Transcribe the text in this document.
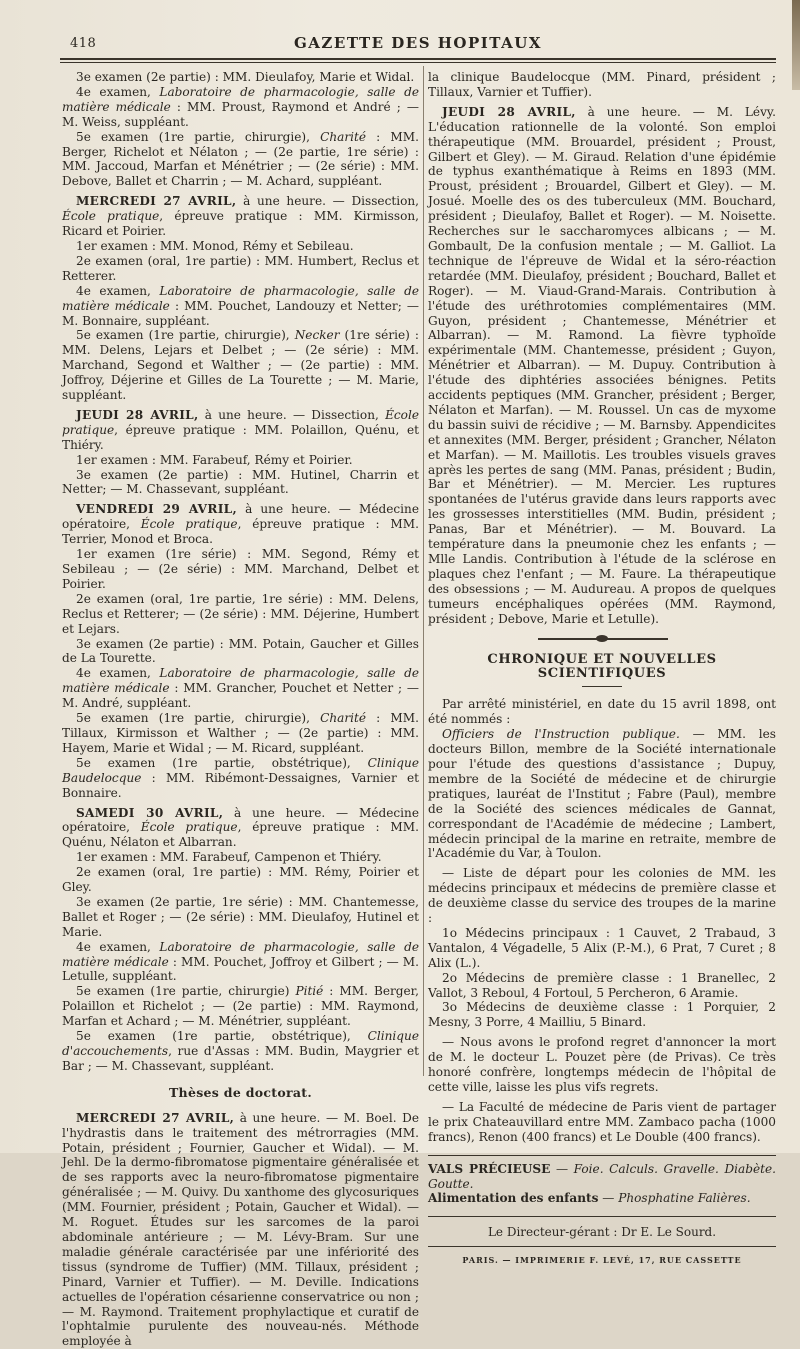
418	GAZETTE DES HOPITAUX

3e examen (2e partie) : MM. Dieulafoy, Marie et Widal.

4e examen, Laboratoire de pharmacologie, salle de matière médicale : MM. Proust, Raymond et André ; — M. Weiss, suppléant.

5e examen (1re partie, chirurgie), Charité : MM. Berger, Richelot et Nélaton ; — (2e partie, 1re série) : MM. Jaccoud, Marfan et Ménétrier ; — (2e série) : MM. Debove, Ballet et Charrin ; — M. Achard, suppléant.

MERCREDI 27 AVRIL, à une heure. — Dissection, École pratique, épreuve pratique : MM. Kirmisson, Ricard et Poirier.

1er examen : MM. Monod, Rémy et Sebileau.

2e examen (oral, 1re partie) : MM. Humbert, Reclus et Retterer.

4e examen, Laboratoire de pharmacologie, salle de matière médicale : MM. Pouchet, Landouzy et Netter; — M. Bonnaire, suppléant.

5e examen (1re partie, chirurgie), Necker (1re série) : MM. Delens, Lejars et Delbet ; — (2e série) : MM. Marchand, Segond et Walther ; — (2e partie) : MM. Joffroy, Déjerine et Gilles de La Tourette ; — M. Marie, suppléant.

JEUDI 28 AVRIL, à une heure. — Dissection, École pratique, épreuve pratique : MM. Polaillon, Quénu, et Thiéry.

1er examen : MM. Farabeuf, Rémy et Poirier.

3e examen (2e partie) : MM. Hutinel, Charrin et Netter; — M. Chassevant, suppléant.

VENDREDI 29 AVRIL, à une heure. — Médecine opératoire, École pratique, épreuve pratique : MM. Terrier, Monod et Broca.

1er examen (1re série) : MM. Segond, Rémy et Sebileau ; — (2e série) : MM. Marchand, Delbet et Poirier.

2e examen (oral, 1re partie, 1re série) : MM. Delens, Reclus et Retterer; — (2e série) : MM. Déjerine, Humbert et Lejars.

3e examen (2e partie) : MM. Potain, Gaucher et Gilles de La Tourette.

4e examen, Laboratoire de pharmacologie, salle de matière médicale : MM. Grancher, Pouchet et Netter ; — M. André, suppléant.

5e examen (1re partie, chirurgie), Charité : MM. Tillaux, Kirmisson et Walther ; — (2e partie) : MM. Hayem, Marie et Widal ; — M. Ricard, suppléant.

5e examen (1re partie, obstétrique), Clinique Baudelocque : MM. Ribémont-Dessaignes, Varnier et Bonnaire.

SAMEDI 30 AVRIL, à une heure. — Médecine opératoire, École pratique, épreuve pratique : MM. Quénu, Nélaton et Albarran.

1er examen : MM. Farabeuf, Campenon et Thiéry.

2e examen (oral, 1re partie) : MM. Rémy, Poirier et Gley.

3e examen (2e partie, 1re série) : MM. Chantemesse, Ballet et Roger ; — (2e série) : MM. Dieulafoy, Hutinel et Marie.

4e examen, Laboratoire de pharmacologie, salle de matière médicale : MM. Pouchet, Joffroy et Gilbert ; — M. Letulle, suppléant.

5e examen (1re partie, chirurgie) Pitié : MM. Berger, Polaillon et Richelot ; — (2e partie) : MM. Raymond, Marfan et Achard ; — M. Ménétrier, suppléant.

5e examen (1re partie, obstétrique), Clinique d'accouchements, rue d'Assas : MM. Budin, Maygrier et Bar ; — M. Chassevant, suppléant.

Thèses de doctorat.

MERCREDI 27 AVRIL, à une heure. — M. Boel. De l'hydrastis dans le traitement des métrorragies (MM. Potain, président ; Fournier, Gaucher et Widal). — M. Jehl. De la dermo-fibromatose pigmentaire généralisée et de ses rapports avec la neuro-fibromatose pigmentaire généralisée ; — M. Quivy. Du xanthome des glycosuriques (MM. Fournier, président ; Potain, Gaucher et Widal). — M. Roguet. Études sur les sarcomes de la paroi abdominale antérieure ; — M. Lévy-Bram. Sur une maladie générale caractérisée par une infériorité des tissus (syndrome de Tuffier) (MM. Tillaux, président ; Pinard, Varnier et Tuffier). — M. Deville. Indications actuelles de l'opération césarienne conservatrice ou non ; — M. Raymond. Traitement prophylactique et curatif de l'ophtalmie purulente des nouveau-nés. Méthode employée à

la clinique Baudelocque (MM. Pinard, président ; Tillaux, Varnier et Tuffier).

JEUDI 28 AVRIL, à une heure. — M. Lévy. L'éducation rationnelle de la volonté. Son emploi thérapeutique (MM. Brouardel, président ; Proust, Gilbert et Gley). — M. Giraud. Relation d'une épidémie de typhus exanthématique à Reims en 1893 (MM. Proust, président ; Brouardel, Gilbert et Gley). — M. Josué. Moelle des os des tuberculeux (MM. Bouchard, président ; Dieulafoy, Ballet et Roger). — M. Noisette. Recherches sur le saccharomyces albicans ; — M. Gombault, De la confusion mentale ; — M. Galliot. La technique de l'épreuve de Widal et la séro-réaction retardée (MM. Dieulafoy, président ; Bouchard, Ballet et Roger). — M. Viaud-Grand-Marais. Contribution à l'étude des uréthrotomies complémentaires (MM. Guyon, président ; Chantemesse, Ménétrier et Albarran). — M. Ramond. La fièvre typhoïde expérimentale (MM. Chantemesse, président ; Guyon, Ménétrier et Albarran). — M. Dupuy. Contribution à l'étude des diphtéries associées bénignes. Petits accidents peptiques (MM. Grancher, président ; Berger, Nélaton et Marfan). — M. Roussel. Un cas de myxome du bassin suivi de récidive ; — M. Barnsby. Appendicites et annexites (MM. Berger, président ; Grancher, Nélaton et Marfan). — M. Maillotis. Les troubles visuels graves après les pertes de sang (MM. Panas, président ; Budin, Bar et Ménétrier). — M. Mercier. Les ruptures spontanées de l'utérus gravide dans leurs rapports avec les grossesses interstitielles (MM. Budin, président ; Panas, Bar et Ménétrier). — M. Bouvard. La température dans la pneumonie chez les enfants ; — Mlle Landis. Contribution à l'étude de la sclérose en plaques chez l'enfant ; — M. Faure. La thérapeutique des obsessions ; — M. Audureau. A propos de quelques tumeurs encéphaliques opérées (MM. Raymond, président ; Debove, Marie et Letulle).

CHRONIQUE ET NOUVELLES SCIENTIFIQUES

Par arrêté ministériel, en date du 15 avril 1898, ont été nommés :

Officiers de l'Instruction publique. — MM. les docteurs Billon, membre de la Société internationale pour l'étude des questions d'assistance ; Dupuy, membre de la Société de médecine et de chirurgie pratiques, lauréat de l'Institut ; Fabre (Paul), membre de la Société des sciences médicales de Gannat, correspondant de l'Académie de médecine ; Lambert, médecin principal de la marine en retraite, membre de l'Académie du Var, à Toulon.

— Liste de départ pour les colonies de MM. les médecins principaux et médecins de première classe et de deuxième classe du service des troupes de la marine :

1o Médecins principaux : 1 Cauvet, 2 Trabaud, 3 Vantalon, 4 Végadelle, 5 Alix (P.-M.), 6 Prat, 7 Curet ; 8 Alix (L.).

2o Médecins de première classe : 1 Branellec, 2 Vallot, 3 Reboul, 4 Fortoul, 5 Percheron, 6 Aramie.

3o Médecins de deuxième classe : 1 Porquier, 2 Mesny, 3 Porre, 4 Mailliu, 5 Binard.

— Nous avons le profond regret d'annoncer la mort de M. le docteur L. Pouzet père (de Privas). Ce très honoré confrère, longtemps médecin de l'hôpital de cette ville, laisse les plus vifs regrets.

— La Faculté de médecine de Paris vient de partager le prix Chateauvillard entre MM. Zambaco pacha (1000 francs), Renon (400 francs) et Le Double (400 francs).

VALS PRÉCIEUSE — Foie. Calculs. Gravelle. Diabète. Goutte.

Alimentation des enfants — Phosphatine Falières.

Le Directeur-gérant : Dr E. Le Sourd.
PARIS. — IMPRIMERIE F. LEVÉ, 17, RUE CASSETTE
